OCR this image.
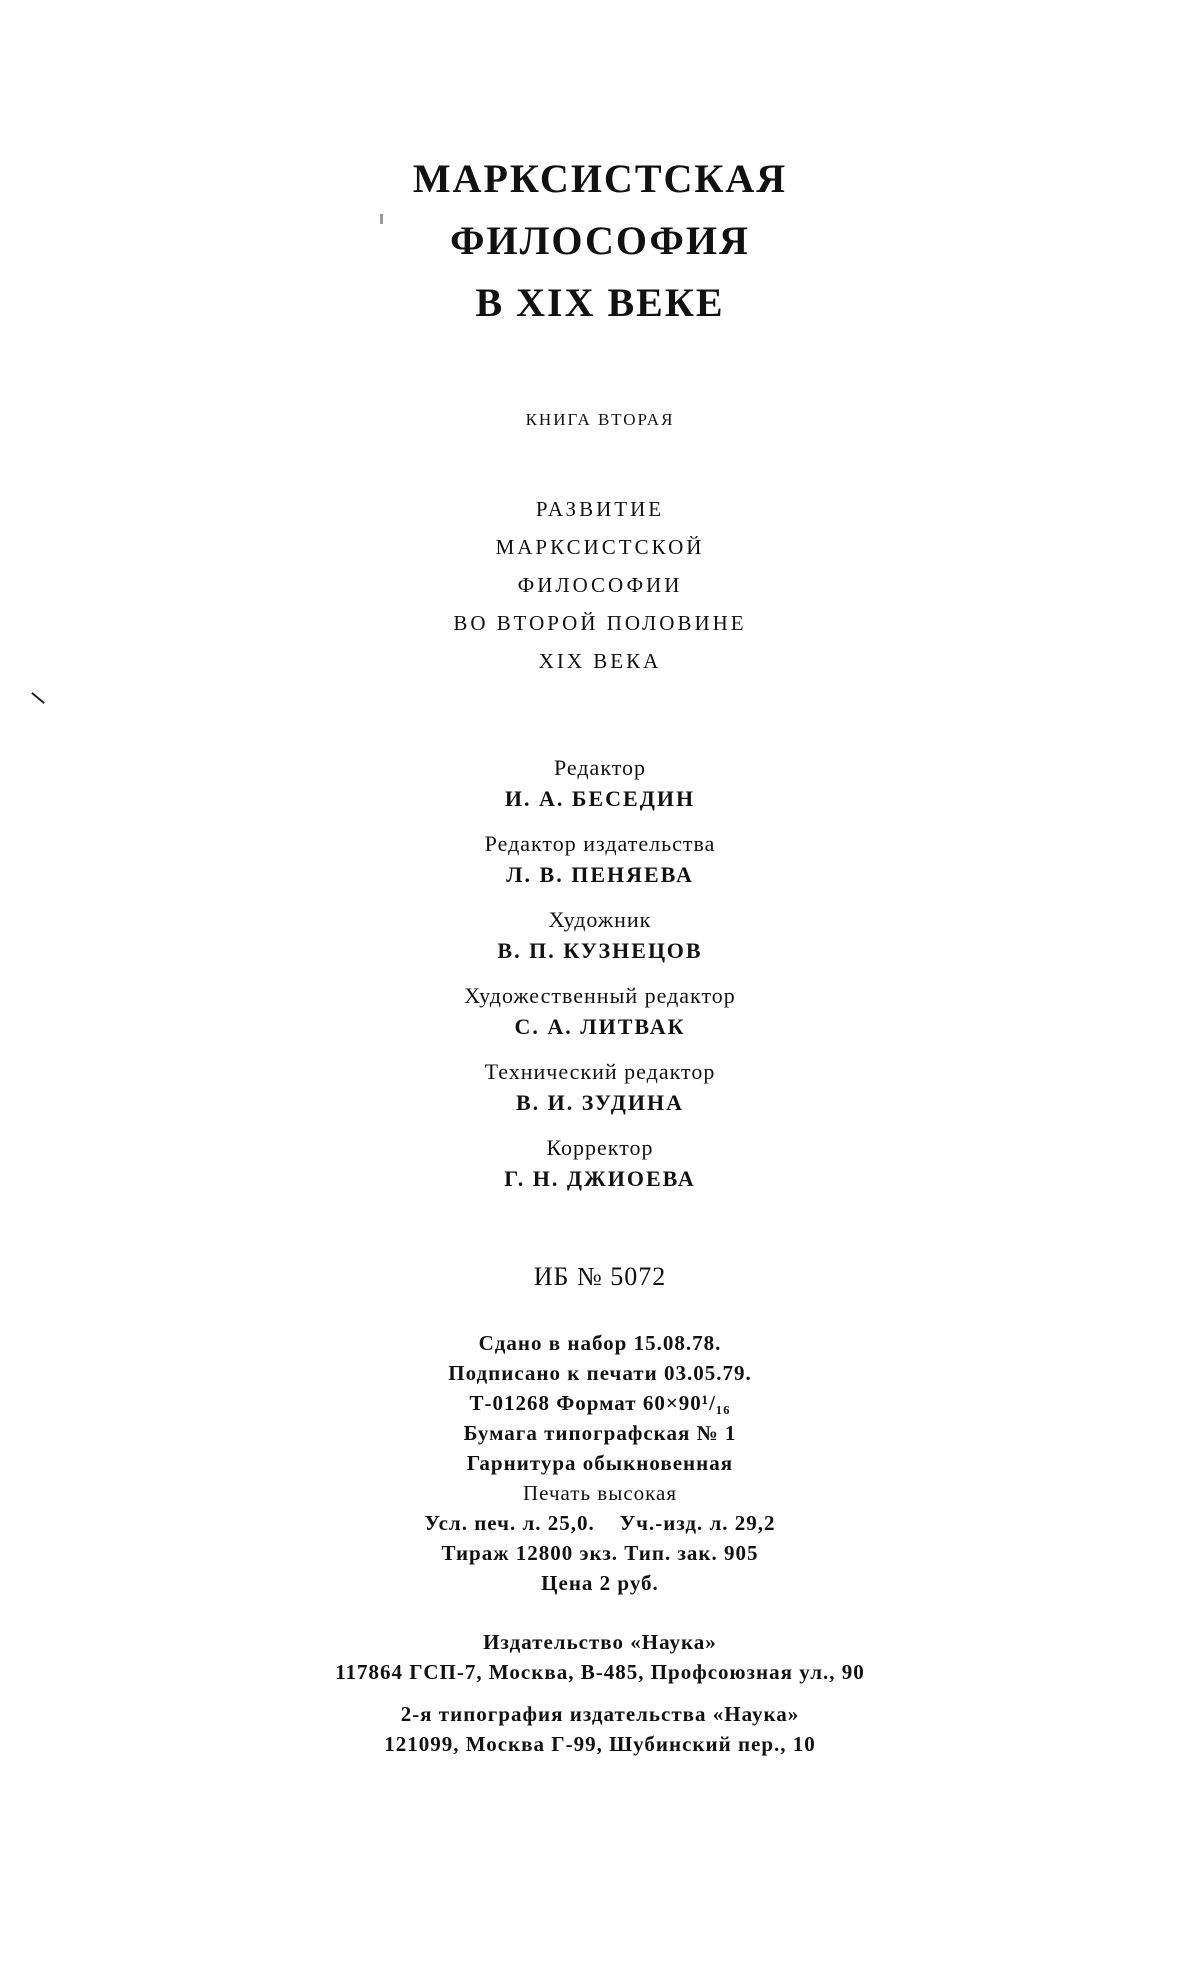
МАРКСИСТСКАЯ
ФИЛОСОФИЯ
В XIX ВЕКЕ
КНИГА ВТОРАЯ
РАЗВИТИЕ
МАРКСИСТСКОЙ
ФИЛОСОФИИ
ВО ВТОРОЙ ПОЛОВИНЕ
XIX ВЕКА
Редактор
И. А. БЕСЕДИН
Редактор издательства
Л. В. ПЕНЯЕВА
Художник
В. П. КУЗНЕЦОВ
Художественный редактор
С. А. ЛИТВАК
Технический редактор
В. И. ЗУДИНА
Корректор
Г. Н. ДЖИОЕВА
ИБ № 5072
Сдано в набор 15.08.78.
Подписано к печати 03.05.79.
Т-01268 Формат 60×90¹/₁₆
Бумага типографская № 1
Гарнитура обыкновенная
Печать высокая
Усл. печ. л. 25,0.    Уч.-изд. л. 29,2
Тираж 12800 экз. Тип. зак. 905
Цена 2 руб.
Издательство «Наука»
117864 ГСП-7, Москва, В-485, Профсоюзная ул., 90
2-я типография издательства «Наука»
121099, Москва Г-99, Шубинский пер., 10
